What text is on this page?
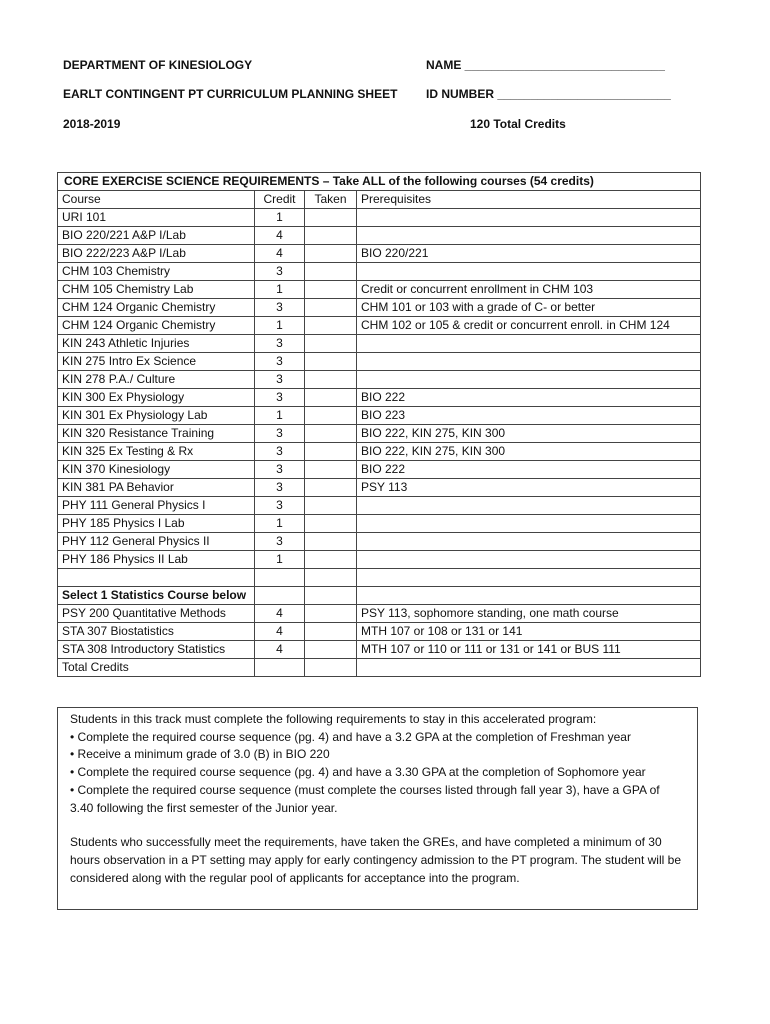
DEPARTMENT OF KINESIOLOGY
EARLT CONTINGENT PT CURRICULUM PLANNING SHEET
2018-2019
NAME ______________________________
ID NUMBER __________________________
120 Total Credits
CORE EXERCISE SCIENCE REQUIREMENTS – Take ALL of the following courses (54 credits)			
Course	Credit	Taken	Prerequisites
URI 101	1		
BIO 220/221 A&P I/Lab	4		
BIO 222/223 A&P I/Lab	4		BIO 220/221
CHM 103 Chemistry	3		
CHM 105 Chemistry Lab	1		Credit or concurrent enrollment in CHM 103
CHM 124 Organic Chemistry	3		CHM 101 or 103 with a grade of C- or better
CHM 124 Organic Chemistry	1		CHM 102 or 105 & credit or concurrent enroll. in CHM 124
KIN 243 Athletic Injuries	3		
KIN 275 Intro Ex Science	3		
KIN 278 P.A./ Culture	3		
KIN 300 Ex Physiology	3		BIO 222
KIN 301 Ex Physiology Lab	1		BIO 223
KIN 320 Resistance Training	3		BIO 222, KIN 275, KIN 300
KIN 325 Ex Testing & Rx	3		BIO 222, KIN 275, KIN 300
KIN 370 Kinesiology	3		BIO 222
KIN 381 PA Behavior	3		PSY 113
PHY 111 General Physics I	3		
PHY 185 Physics I Lab	1		
PHY 112 General Physics II	3		
PHY 186 Physics II Lab	1		

Select 1 Statistics Course below			
PSY 200 Quantitative Methods	4		PSY 113, sophomore standing, one math course
STA 307 Biostatistics	4		MTH 107 or 108 or 131 or 141
STA 308 Introductory Statistics	4		MTH 107 or 110 or 111 or 131 or 141 or BUS 111
Total Credits			

Students in this track must complete the following requirements to stay in this accelerated program:

• Complete the required course sequence (pg. 4) and have a 3.2 GPA at the completion of Freshman year

• Receive a minimum grade of 3.0 (B) in BIO 220

• Complete the required course sequence (pg. 4) and have a 3.30 GPA at the completion of Sophomore year

• Complete the required course sequence (must complete the courses listed through fall year 3), have a GPA of 3.40 following the first semester of the Junior year.

Students who successfully meet the requirements, have taken the GREs, and have completed a minimum of 30 hours observation in a PT setting may apply for early contingency admission to the PT program. The student will be considered along with the regular pool of applicants for acceptance into the program.
